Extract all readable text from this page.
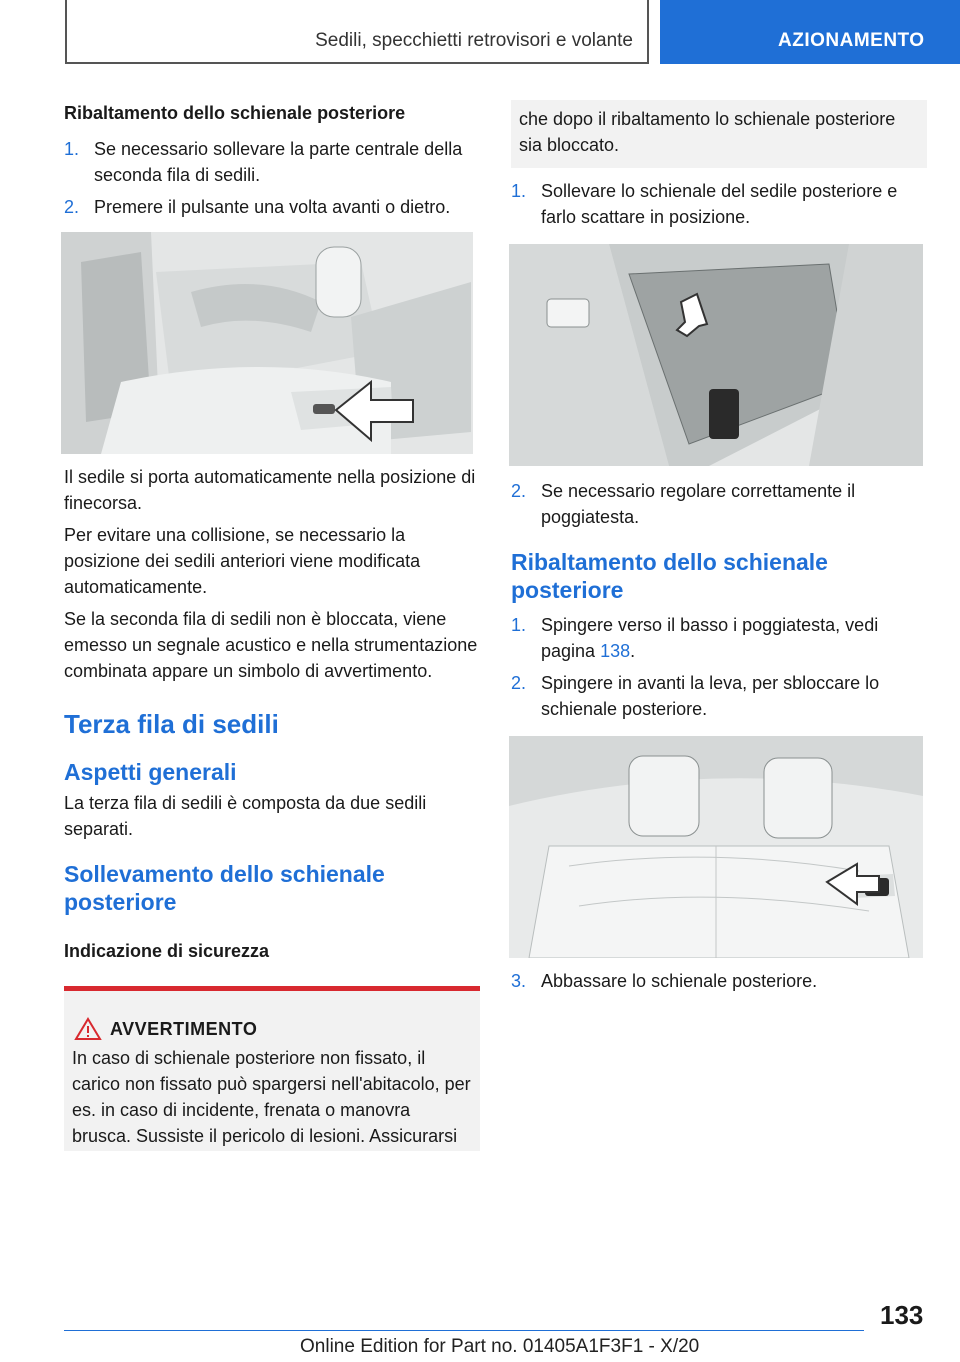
Sedili, specchietti retrovisori e volante	AZIONAMENTO

Ribaltamento dello schienale posteriore

1. Se necessario sollevare la parte centrale della seconda fila di sedili.
2. Premere il pulsante una volta avanti o dietro.

Il sedile si porta automaticamente nella posizione di finecorsa.

Per evitare una collisione, se necessario la posizione dei sedili anteriori viene modificata automaticamente.

Se la seconda fila di sedili non è bloccata, viene emesso un segnale acustico e nella strumentazione combinata appare un simbolo di avvertimento.

Terza fila di sedili
Aspetti generali

La terza fila di sedili è composta da due sedili separati.

Sollevamento dello schienale posteriore

Indicazione di sicurezza

AVVERTIMENTO

In caso di schienale posteriore non fissato, il carico non fissato può spargersi nell'abitacolo, per es. in caso di incidente, frenata o manovra brusca. Sussiste il pericolo di lesioni. Assicurarsi

che dopo il ribaltamento lo schienale posteriore sia bloccato.

1. Sollevare lo schienale del sedile posteriore e farlo scattare in posizione.
2. Se necessario regolare correttamente il poggiatesta.
Ribaltamento dello schienale posteriore
1. Spingere verso il basso i poggiatesta, vedi pagina 138.
2. Spingere in avanti la leva, per sbloccare lo schienale posteriore.
3. Abbassare lo schienale posteriore.
133
Online Edition for Part no. 01405A1F3F1 - X/20
